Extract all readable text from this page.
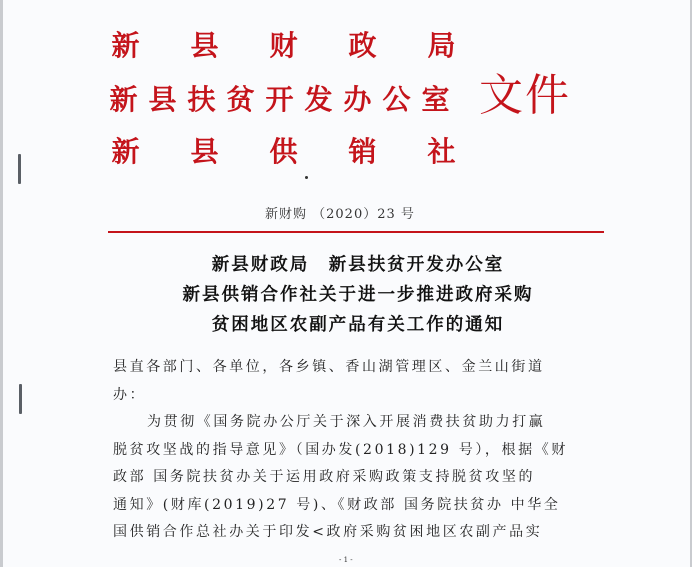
新 县 财 政 局
新 县 扶 贫 开 发 办 公 室
新 县 供 销 社
文件
新财购 （2020）23 号
新县财政局　新县扶贫开发办公室
新县供销合作社关于进一步推进政府采购
贫困地区农副产品有关工作的通知

县直各部门、各单位，各乡镇、香山湖管理区、金兰山街道

办：

为贯彻《国务院办公厅关于深入开展消费扶贫助力打赢

脱贫攻坚战的指导意见》（国办发(2018)129 号），根据《财

政部 国务院扶贫办关于运用政府采购政策支持脱贫攻坚的

通知》(财库(2019)27 号)、《财政部 国务院扶贫办 中华全

国供销合作总社办关于印发<政府采购贫困地区农副产品实

- 1 -
